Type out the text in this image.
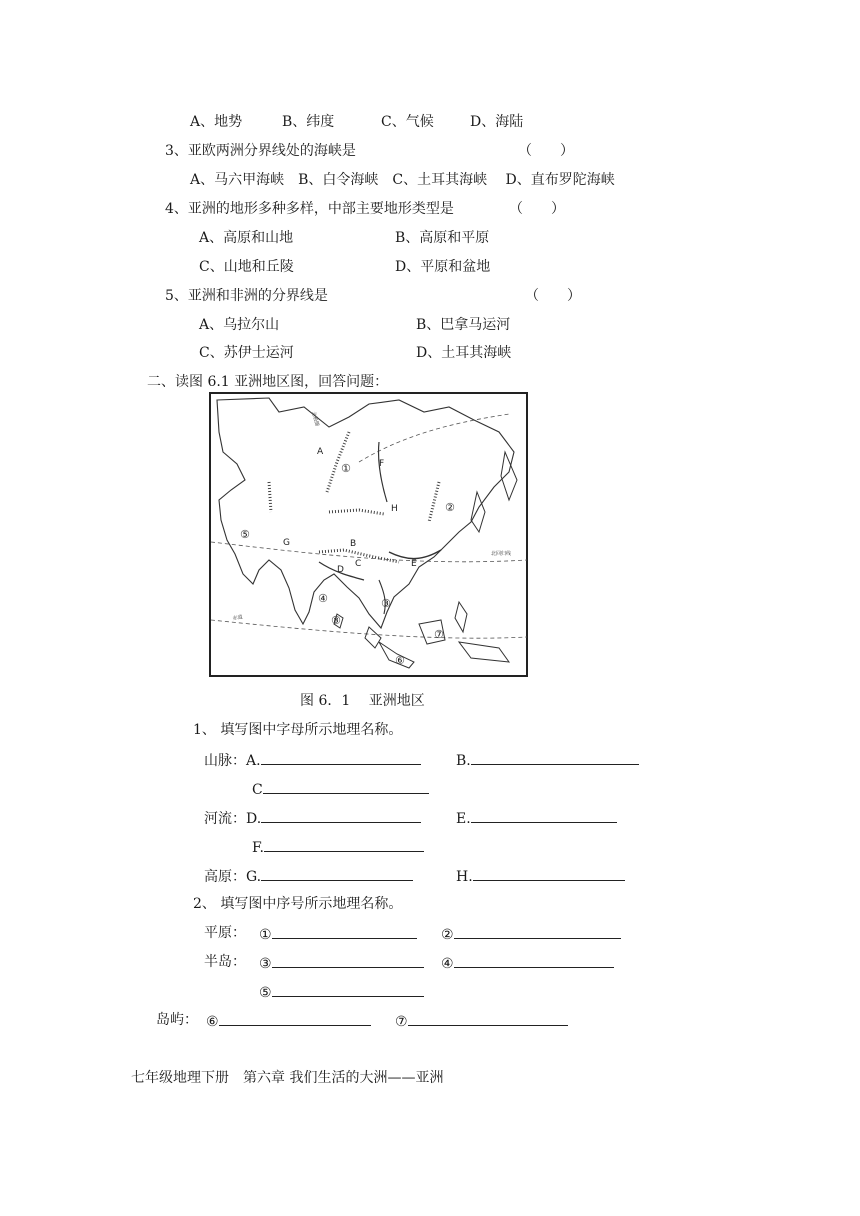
A、地势	B、纬度	C、气候	D、海陆
3、亚欧两洲分界线处的海峡是	（　　）
A、马六甲海峡　B、白令海峡　C、土耳其海峡　 D、直布罗陀海峡
4、亚洲的地形多种多样，中部主要地形类型是	（　　）
A、高原和山地	B、高原和平原
C、山地和丘陵	D、平原和盆地
5、亚洲和非洲的分界线是	（　　）
A、乌拉尔山	B、巴拿马运河
C、苏伊士运河	D、土耳其海峡
二、读图 6.1 亚洲地区图，回答问题：
A
F
H
B
G
D
C	E
①
②
③
④
⑤
⑥
⑦
⑧
北极圈
北回归线
赤道
图 6．1　 亚洲地区
1、 填写图中字母所示地理名称。
山脉：A.	B.
C
河流：D.	E.
F.
高原：G.	H.
2、 填写图中序号所示地理名称。
平原： ①	②
半岛： ③	④
⑤
岛屿： ⑥	⑦
七年级地理下册　第六章 我们生活的大洲——亚洲
